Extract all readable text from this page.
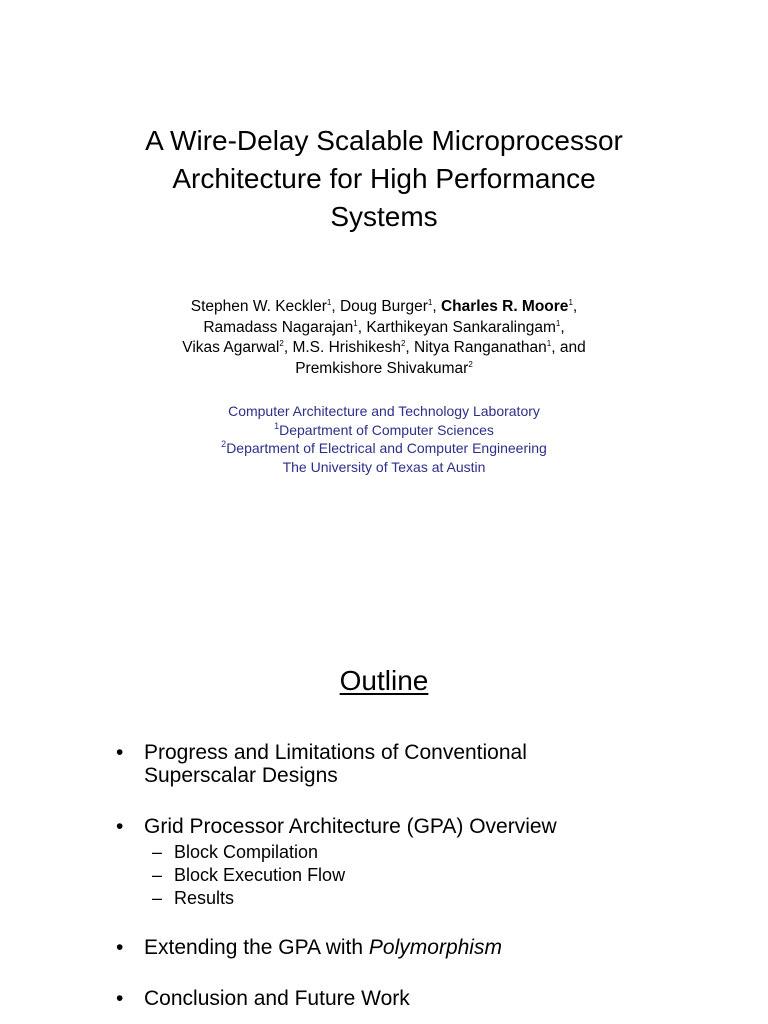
A Wire-Delay Scalable Microprocessor
Architecture for High Performance
Systems
Stephen W. Keckler$^1$, Doug Burger$^1$, Charles R. Moore$^1$,
Ramadass Nagarajan$^1$, Karthikeyan Sankaralingam$^1$,
Vikas Agarwal$^2$, M.S. Hrishikesh$^2$, Nitya Ranganathan$^1$, and
Premkishore Shivakumar$^2$
Computer Architecture and Technology Laboratory
$^1$Department of Computer Sciences
$^2$Department of Electrical and Computer Engineering
The University of Texas at Austin
Outline
• Progress and Limitations of Conventional
Superscalar Designs
• Grid Processor Architecture (GPA) Overview
– Block Compilation
– Block Execution Flow
– Results
• Extending the GPA with Polymorphism
• Conclusion and Future Work
